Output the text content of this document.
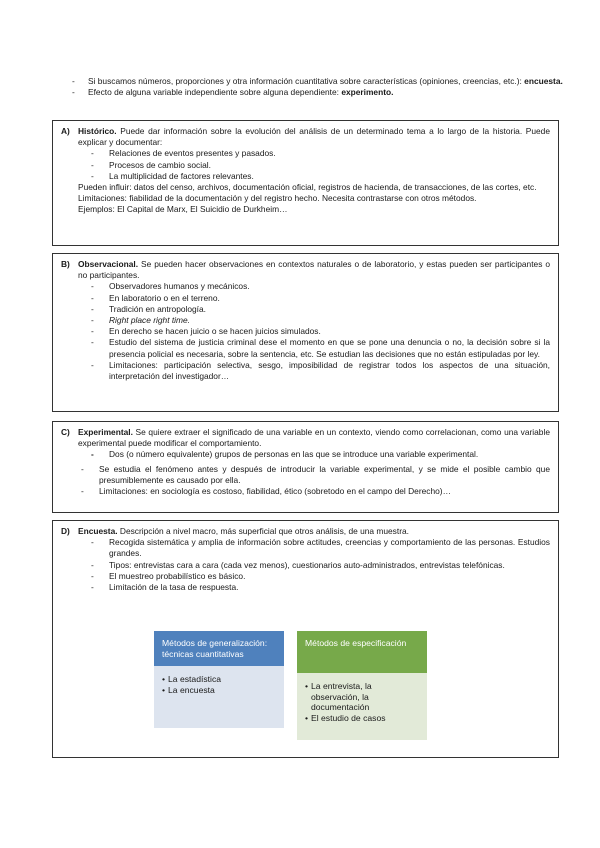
- Si buscamos números, proporciones y otra información cuantitativa sobre características (opiniones, creencias, etc.): encuesta.
- Efecto de alguna variable independiente sobre alguna dependiente: experimento.
A) Histórico. Puede dar información sobre la evolución del análisis de un determinado tema a lo largo de la historia. Puede explicar y documentar:
- Relaciones de eventos presentes y pasados.
- Procesos de cambio social.
- La multiplicidad de factores relevantes.
Pueden influir: datos del censo, archivos, documentación oficial, registros de hacienda, de transacciones, de las cortes, etc.
Limitaciones: fiabilidad de la documentación y del registro hecho. Necesita contrastarse con otros métodos.
Ejemplos: El Capital de Marx, El Suicidio de Durkheim…
B) Observacional. Se pueden hacer observaciones en contextos naturales o de laboratorio, y estas pueden ser participantes o no participantes.
- Observadores humanos y mecánicos.
- En laboratorio o en el terreno.
- Tradición en antropología.
- Right place right time.
- En derecho se hacen juicio o se hacen juicios simulados.
- Estudio del sistema de justicia criminal dese el momento en que se pone una denuncia o no, la decisión sobre si la presencia policial es necesaria, sobre la sentencia, etc. Se estudian las decisiones que no están estipuladas por ley.
- Limitaciones: participación selectiva, sesgo, imposibilidad de registrar todos los aspectos de una situación, interpretación del investigador…
C) Experimental. Se quiere extraer el significado de una variable en un contexto, viendo como correlacionan, como una variable experimental puede modificar el comportamiento.
- Dos (o número equivalente) grupos de personas en las que se introduce una variable experimental.
- Se estudia el fenómeno antes y después de introducir la variable experimental, y se mide el posible cambio que presumiblemente es causado por ella.
- Limitaciones: en sociología es costoso, fiabilidad, ético (sobretodo en el campo del Derecho)…
D) Encuesta. Descripción a nivel macro, más superficial que otros análisis, de una muestra.
- Recogida sistemática y amplia de información sobre actitudes, creencias y comportamiento de las personas. Estudios grandes.
- Tipos: entrevistas cara a cara (cada vez menos), cuestionarios auto-administrados, entrevistas telefónicas.
- El muestreo probabilístico es básico.
- Limitación de la tasa de respuesta.
Métodos de generalización: técnicas cuantitativas
• La estadística
• La encuesta
Métodos de especificación
• La entrevista, la observación, la documentación
• El estudio de casos
